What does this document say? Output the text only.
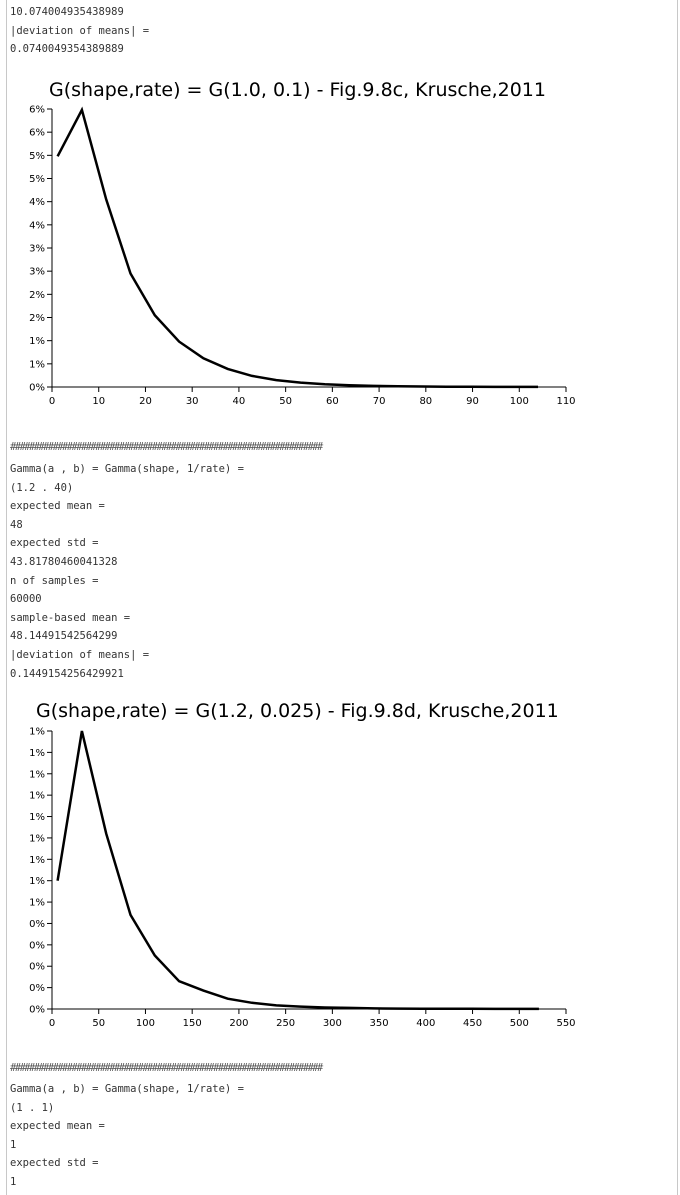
10.074004935438989
|deviation of means| =
0.0740049354389889
G(shape,rate) = G(1.0, 0.1) - Fig.9.8c, Krusche,2011
0%
1%
1%
2%
2%
3%
3%
4%
4%
5%
5%
6%
6%
0	10	20	30	40	50	60	70	80	90	100	110
##################################################################
Gamma(a , b) = Gamma(shape, 1/rate) =
(1.2 . 40)
expected mean =
48
expected std =
43.81780460041328
n of samples =
60000
sample-based mean =
48.14491542564299
|deviation of means| =
0.1449154256429921
G(shape,rate) = G(1.2, 0.025) - Fig.9.8d, Krusche,2011
0%
0%
0%
0%
0%
1%
1%
1%
1%
1%
1%
1%
1%
1%
0	50	100	150	200	250	300	350	400	450	500	550
##################################################################
Gamma(a , b) = Gamma(shape, 1/rate) =
(1 . 1)
expected mean =
1
expected std =
1
